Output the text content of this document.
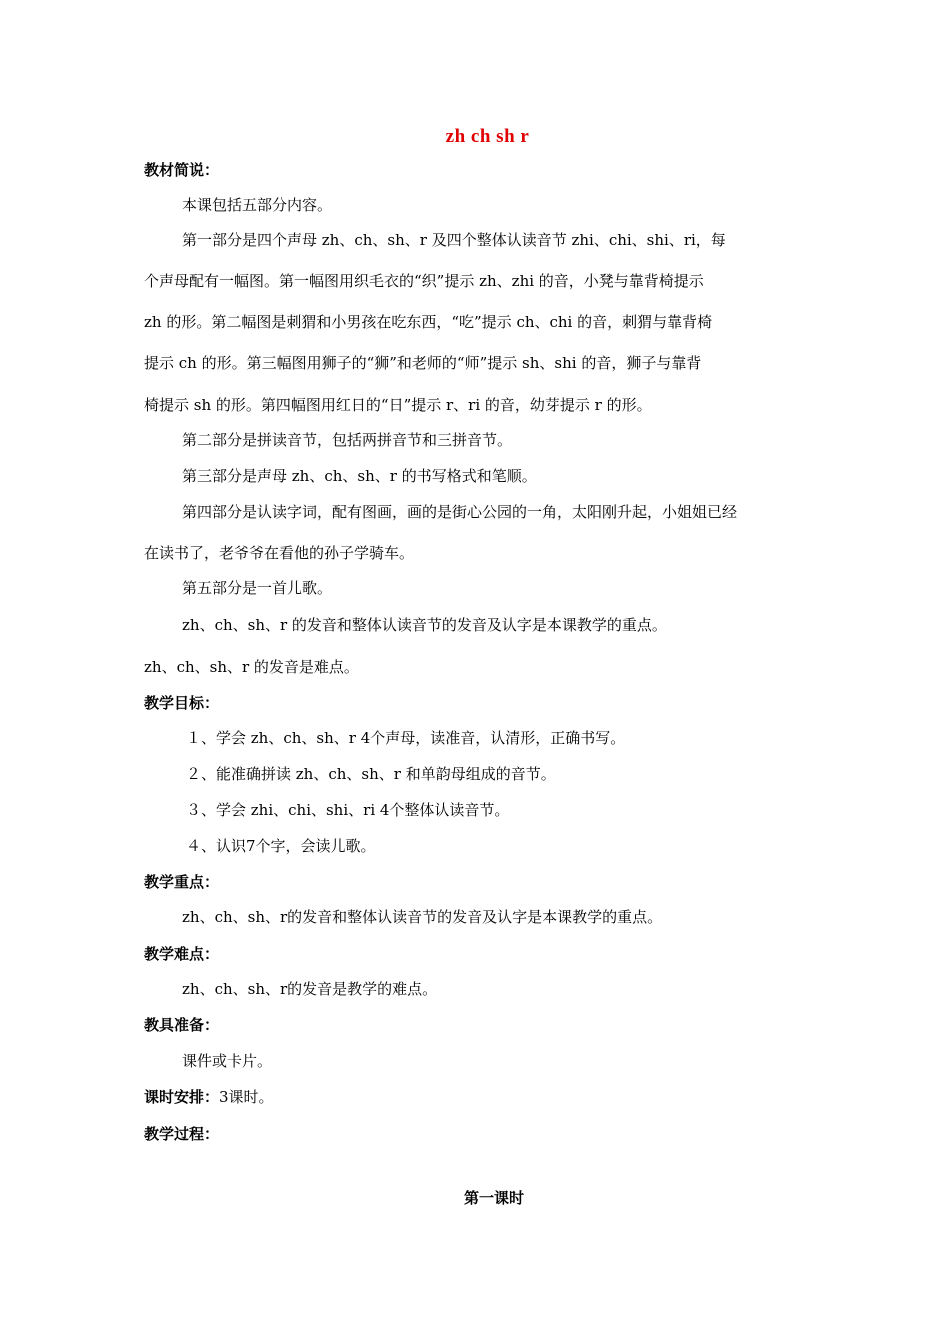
zh ch sh r
教材简说：
本课包括五部分内容。
第一部分是四个声母 zh、ch、sh、r 及四个整体认读音节 zhi、chi、shi、ri，每
个声母配有一幅图。第一幅图用织毛衣的“织”提示 zh、zhi 的音，小凳与靠背椅提示
zh 的形。第二幅图是刺猬和小男孩在吃东西，“吃”提示 ch、chi 的音，刺猬与靠背椅
提示 ch 的形。第三幅图用狮子的“狮”和老师的“师”提示 sh、shi 的音，狮子与靠背
椅提示 sh 的形。第四幅图用红日的“日”提示 r、ri 的音，幼芽提示 r 的形。
第二部分是拼读音节，包括两拼音节和三拼音节。
第三部分是声母 zh、ch、sh、r 的书写格式和笔顺。
第四部分是认读字词，配有图画，画的是街心公园的一角，太阳刚升起，小姐姐已经
在读书了，老爷爷在看他的孙子学骑车。
第五部分是一首儿歌。
zh、ch、sh、r 的发音和整体认读音节的发音及认字是本课教学的重点。
zh、ch、sh、r 的发音是难点。
教学目标：
１、学会 zh、ch、sh、r 4个声母，读准音，认清形，正确书写。
２、能准确拼读 zh、ch、sh、r 和单韵母组成的音节。
３、学会 zhi、chi、shi、ri 4个整体认读音节。
４、认识7个字，会读儿歌。
教学重点：
zh、ch、sh、r的发音和整体认读音节的发音及认字是本课教学的重点。
教学难点：
zh、ch、sh、r的发音是教学的难点。
教具准备：
课件或卡片。
课时安排：3课时。
教学过程：
第一课时
